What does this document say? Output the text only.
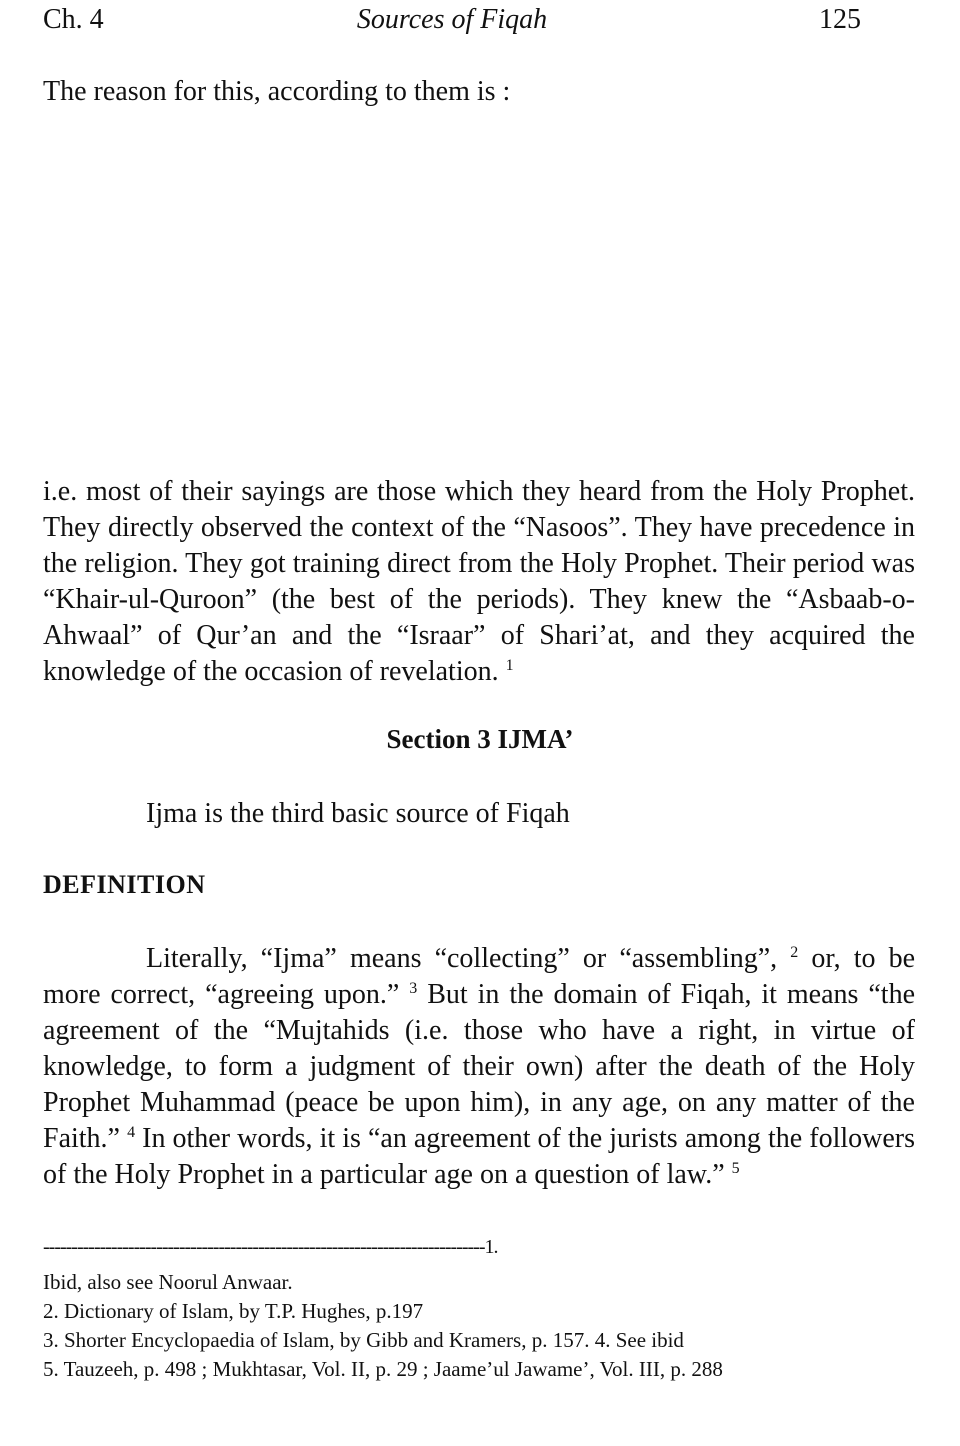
Ch. 4	Sources of Fiqah	125
The reason for this, according to them is :
i.e. most of their sayings are those which they heard from the Holy Prophet. They directly observed the context of the “Nasoos”. They have precedence in the religion. They got training direct from the Holy Prophet. Their period was “Khair-ul-Quroon” (the best of the periods). They knew the “Asbaab-o-Ahwaal” of Qur’an and the “Israar” of Shari’at, and they acquired the knowledge of the occasion of revelation. $^1$
Section 3 IJMA’
Ijma is the third basic source of Fiqah
DEFINITION
Literally, “Ijma” means “collecting” or “assembling”, $^2$ or, to be more correct, “agreeing upon.” $^3$ But in the domain of Fiqah, it means “the agreement of the “Mujtahids (i.e. those who have a right, in virtue of knowledge, to form a judgment of their own) after the death of the Holy Prophet Muhammad (peace be upon him), in any age, on any matter of the Faith.” $^4$ In other words, it is “an agreement of the jurists among the followers of the Holy Prophet in a particular age on a question of law.” $^5$
------------------------------------------------------------------------------1.
Ibid, also see Noorul Anwaar.
2. Dictionary of Islam, by T.P. Hughes, p.197
3. Shorter Encyclopaedia of Islam, by Gibb and Kramers, p. 157. 4. See ibid
5. Tauzeeh, p. 498 ; Mukhtasar, Vol. II, p. 29 ; Jaame’ul Jawame’, Vol. III, p. 288
